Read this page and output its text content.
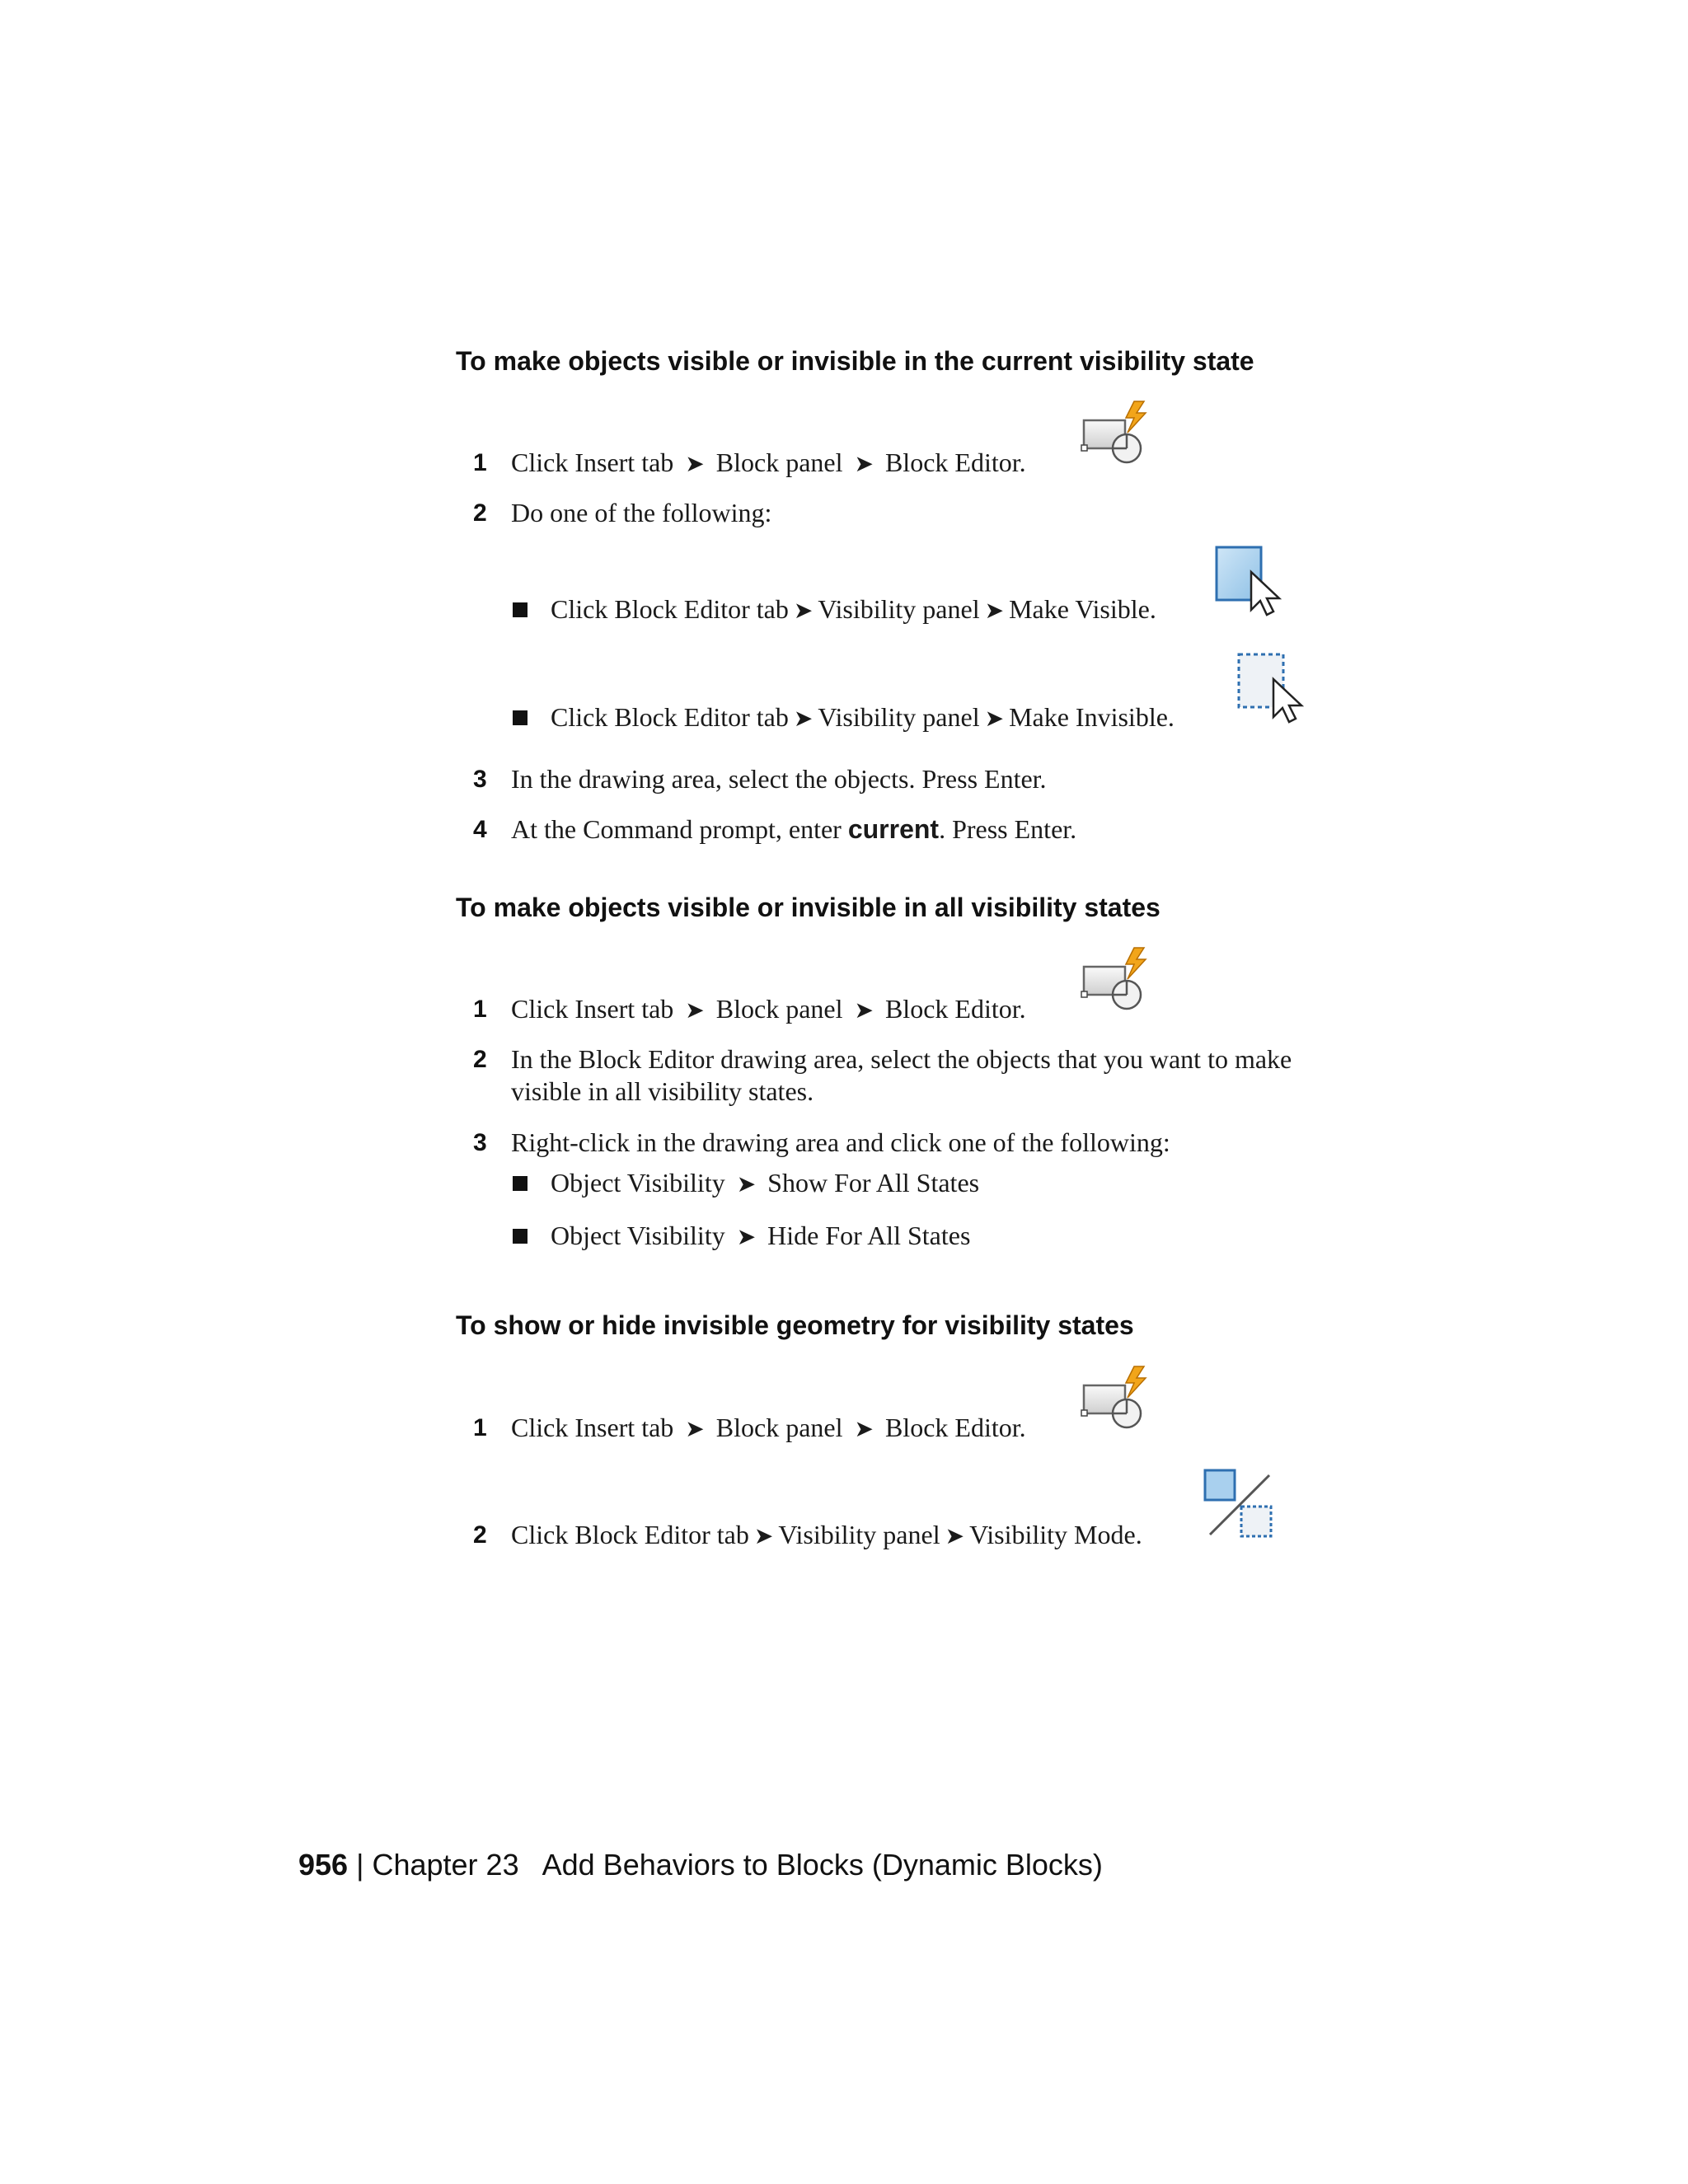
To make objects visible or invisible in the current visibility state
1 Click Insert tab ➤ Block panel ➤ Block Editor.
2 Do one of the following:
Click Block Editor tab ➤ Visibility panel ➤ Make Visible.
Click Block Editor tab ➤ Visibility panel ➤ Make Invisible.
3 In the drawing area, select the objects. Press Enter.
4 At the Command prompt, enter current. Press Enter.
To make objects visible or invisible in all visibility states
1 Click Insert tab ➤ Block panel ➤ Block Editor.
2 In the Block Editor drawing area, select the objects that you want to make
visible in all visibility states.
3 Right-click in the drawing area and click one of the following:
Object Visibility ➤ Show For All States
Object Visibility ➤ Hide For All States
To show or hide invisible geometry for visibility states
1 Click Insert tab ➤ Block panel ➤ Block Editor.
2 Click Block Editor tab ➤ Visibility panel ➤ Visibility Mode.
956 | Chapter 23 Add Behaviors to Blocks (Dynamic Blocks)
